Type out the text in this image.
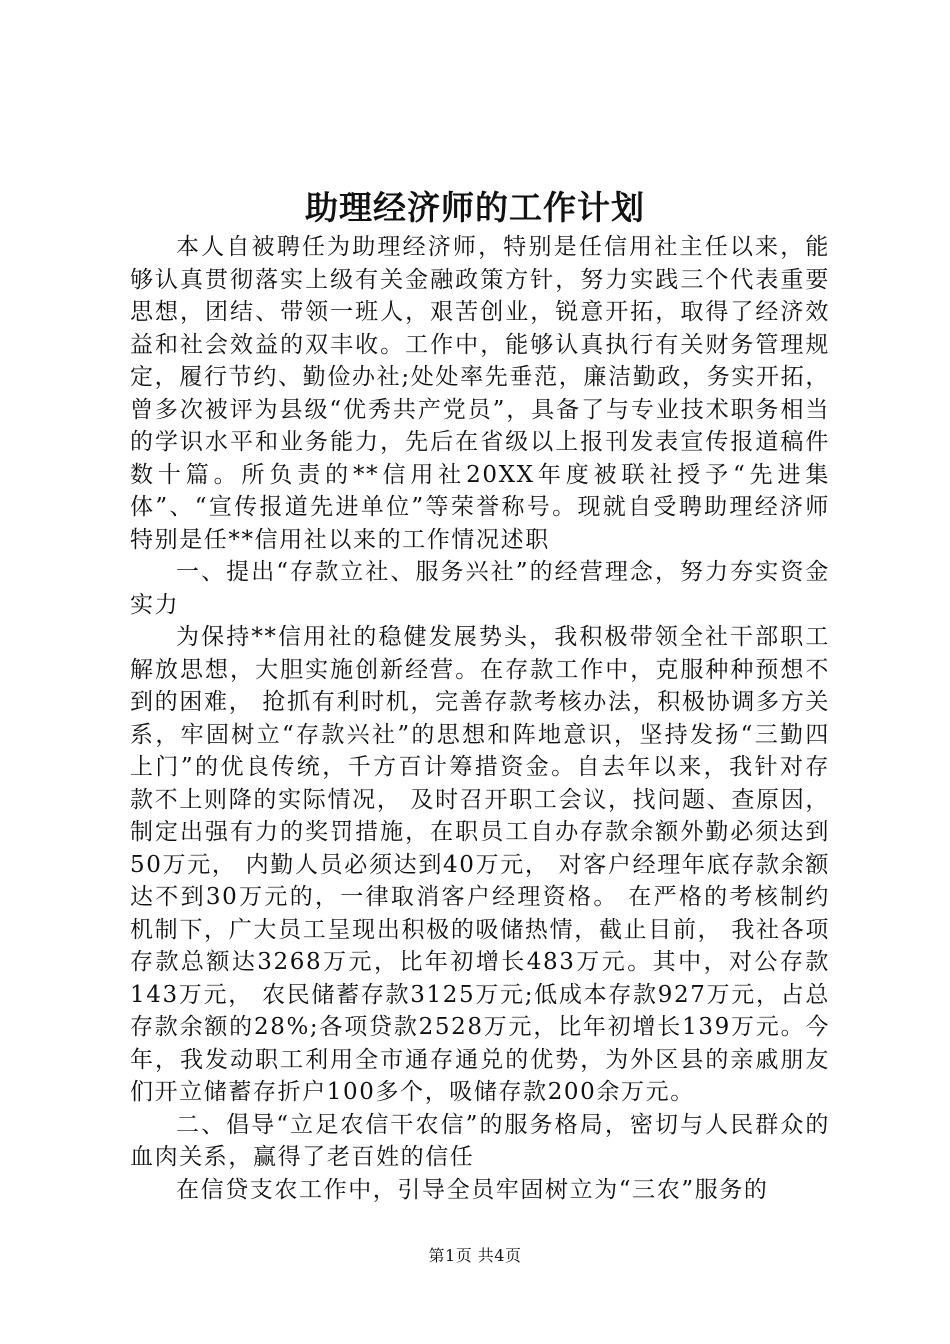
助理经济师的工作计划

本人自被聘任为助理经济师，特别是任信用社主任以来，能够认真贯彻落实上级有关金融政策方针，努力实践三个代表重要思想，团结、带领一班人，艰苦创业，锐意开拓，取得了经济效益和社会效益的双丰收。工作中，能够认真执行有关财务管理规定，履行节约、勤俭办社;处处率先垂范，廉洁勤政，务实开拓，曾多次被评为县级“优秀共产党员”，具备了与专业技术职务相当的学识水平和业务能力，先后在省级以上报刊发表宣传报道稿件数十篇。所负责的**信用社20XX年度被联社授予“先进集体”、“宣传报道先进单位”等荣誉称号。现就自受聘助理经济师特别是任**信用社以来的工作情况述职

一、提出“存款立社、服务兴社”的经营理念，努力夯实资金实力

为保持**信用社的稳健发展势头，我积极带领全社干部职工解放思想，大胆实施创新经营。在存款工作中，克服种种预想不到的困难， 抢抓有利时机，完善存款考核办法，积极协调多方关系，牢固树立“存款兴社”的思想和阵地意识，坚持发扬“三勤四上门”的优良传统，千方百计筹措资金。自去年以来，我针对存款不上则降的实际情况， 及时召开职工会议，找问题、查原因， 制定出强有力的奖罚措施，在职员工自办存款余额外勤必须达到50万元， 内勤人员必须达到40万元， 对客户经理年底存款余额达不到30万元的，一律取消客户经理资格。 在严格的考核制约机制下，广大员工呈现出积极的吸储热情，截止目前， 我社各项存款总额达3268万元，比年初增长483万元。其中，对公存款143万元， 农民储蓄存款3125万元;低成本存款927万元，占总存款余额的28%;各项贷款2528万元，比年初增长139万元。今年，我发动职工利用全市通存通兑的优势，为外区县的亲戚朋友们开立储蓄存折户100多个，吸储存款200余万元。

二、倡导“立足农信干农信”的服务格局，密切与人民群众的血肉关系，赢得了老百姓的信任

在信贷支农工作中，引导全员牢固树立为“三农”服务的

第1页 共4页
